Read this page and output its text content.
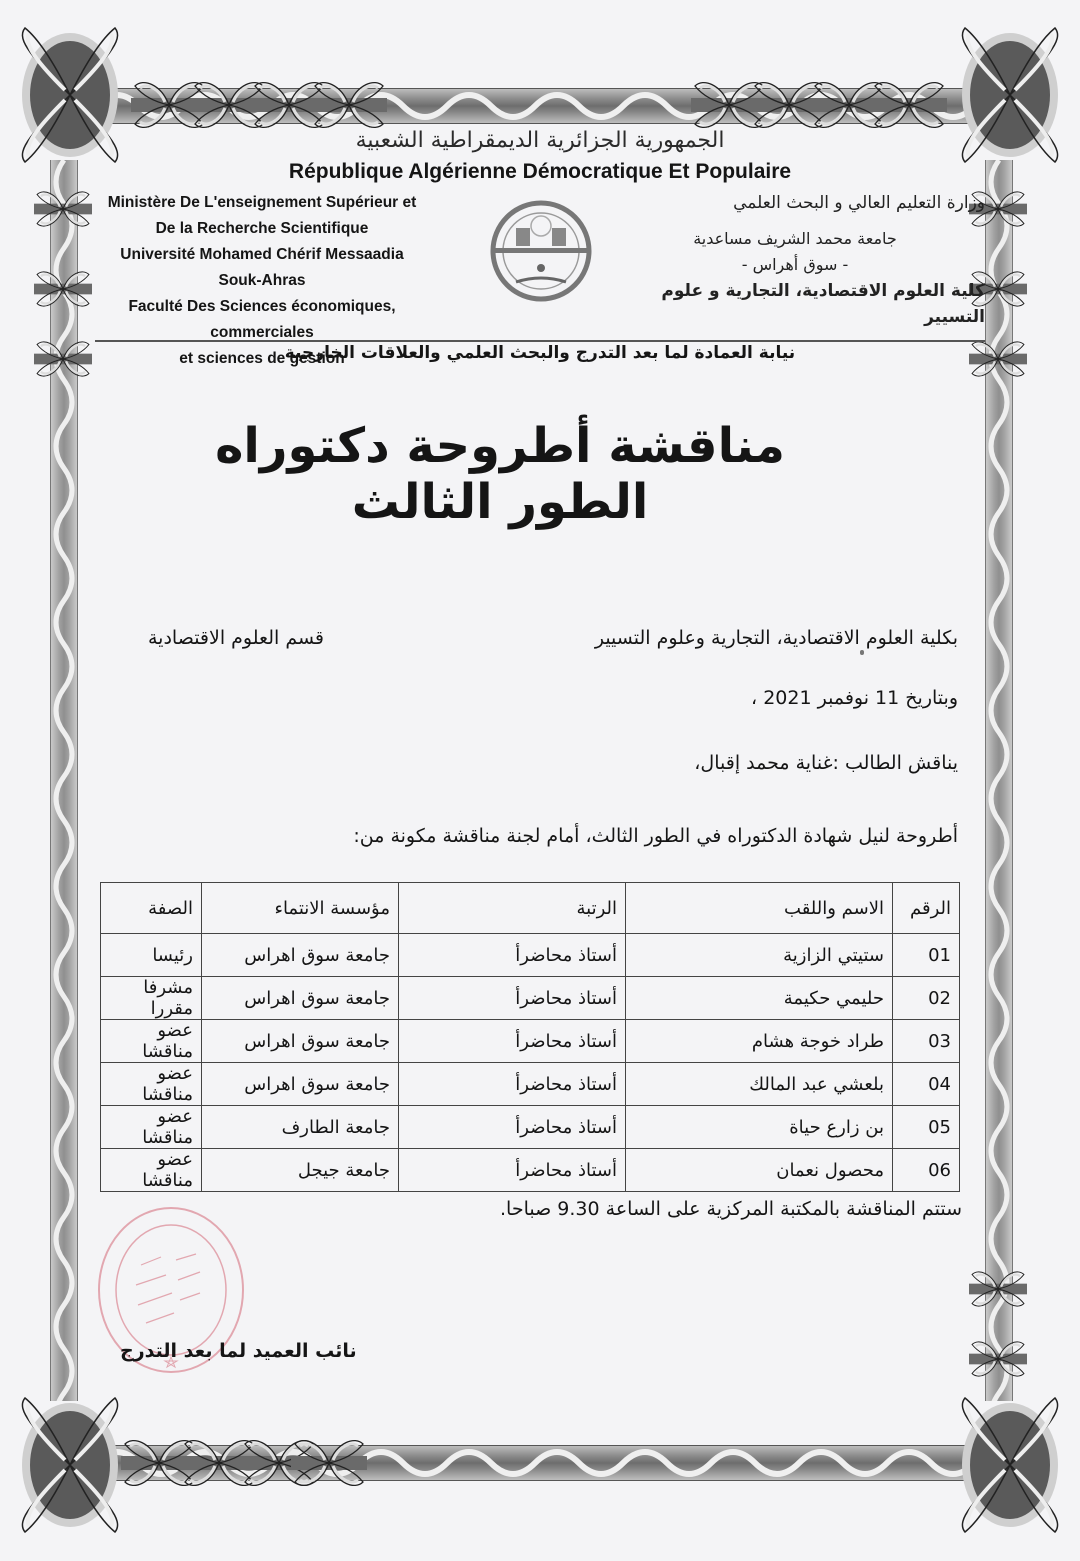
الجمهورية الجزائرية الديمقراطية الشعبية
République Algérienne Démocratique Et Populaire
Ministère De L'enseignement Supérieur et
De la Recherche Scientifique
Université Mohamed Chérif Messaadia
Souk-Ahras
Faculté Des Sciences économiques, commerciales
et sciences de gestion
وزارة التعليم العالي و البحث العلمي
جامعة محمد الشريف مساعدية
- سوق أهراس -
كلية العلوم الاقتصادية، التجارية و علوم التسيير
نيابة العمادة لما بعد التدرج والبحث العلمي والعلاقات الخارجية
مناقشة أطروحة دكتوراه الطور الثالث
بكلية العلوم الاقتصادية، التجارية وعلوم التسيير
قسم العلوم الاقتصادية
وبتاريخ 11 نوفمبر 2021 ،
يناقش الطالب :غناية محمد إقبال،
أطروحة لنيل شهادة الدكتوراه في الطور الثالث، أمام لجنة مناقشة مكونة من:
الرقم	الاسم واللقب	الرتبة	مؤسسة الانتماء	الصفة
01	ستيتي الزازية	أستاذ محاضرأ	جامعة سوق اهراس	رئيسا
02	حليمي حكيمة	أستاذ محاضرأ	جامعة سوق اهراس	مشرفا مقررا
03	طراد خوجة هشام	أستاذ محاضرأ	جامعة سوق اهراس	عضو مناقشا
04	بلعشي عبد المالك	أستاذ محاضرأ	جامعة سوق اهراس	عضو مناقشا
05	بن زارع حياة	أستاذ محاضرأ	جامعة الطارف	عضو مناقشا
06	محصول نعمان	أستاذ محاضرأ	جامعة جيجل	عضو مناقشا
ستتم المناقشة بالمكتبة المركزية على الساعة 9.30 صباحا.
نائب العميد لما بعد التدرج
